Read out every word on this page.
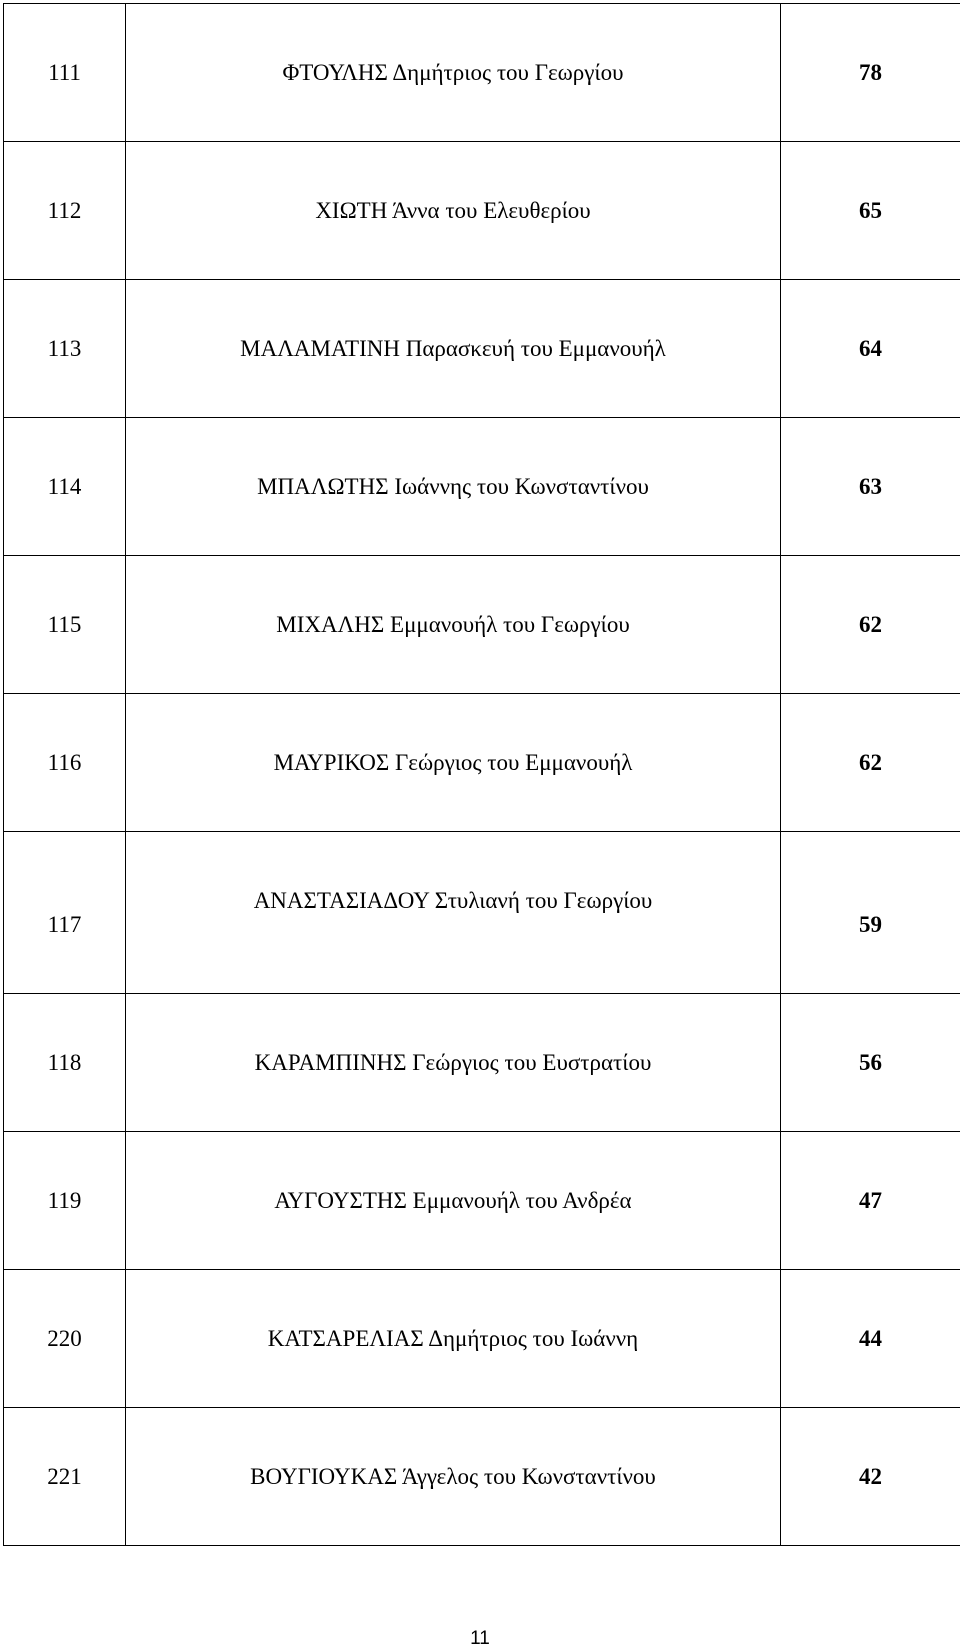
111	ΦΤΟΥΛΗΣ Δημήτριος του Γεωργίου	78
112	ΧΙΩΤΗ Άννα του Ελευθερίου	65
113	ΜΑΛΑΜΑΤΙΝΗ Παρασκευή του Εμμανουήλ	64
114	ΜΠΑΛΩΤΗΣ Ιωάννης του Κωνσταντίνου	63
115	ΜΙΧΑΛΗΣ Εμμανουήλ του Γεωργίου	62
116	ΜΑΥΡΙΚΟΣ Γεώργιος του Εμμανουήλ	62
117	ΑΝΑΣΤΑΣΙΑΔΟΥ Στυλιανή του Γεωργίου	59
118	ΚΑΡΑΜΠΙΝΗΣ Γεώργιος του Ευστρατίου	56
119	ΑΥΓΟΥΣΤΗΣ Εμμανουήλ του Ανδρέα	47
220	ΚΑΤΣΑΡΕΛΙΑΣ Δημήτριος του Ιωάννη	44
221	ΒΟΥΓΙΟΥΚΑΣ Άγγελος του Κωνσταντίνου	42
11
